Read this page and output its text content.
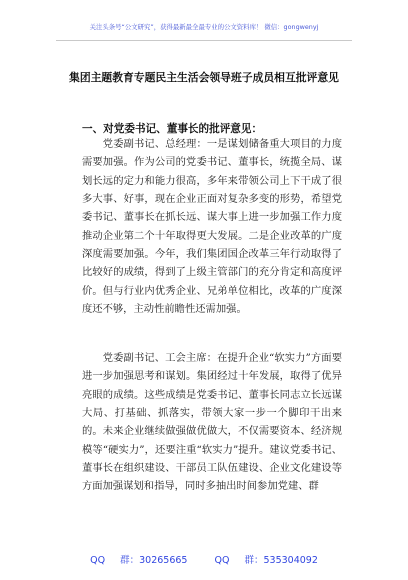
关注头条号“公文研究”，获得最新最全最专业的公文资料库！ 微信：gongwenyj
集团主题教育专题民主生活会领导班子成员相互批评意见
一、对党委书记、董事长的批评意见：

　　党委副书记、总经理：一是谋划储备重大项目的力度需要加强。作为公司的党委书记、董事长，统揽全局、谋划长远的定力和能力很高，多年来带领公司上下干成了很多大事、好事，现在企业正面对复杂多变的形势，希望党委书记、董事长在抓长远、谋大事上进一步加强工作力度推动企业第二个十年取得更大发展。二是企业改革的广度深度需要加强。今年，我们集团国企改革三年行动取得了比较好的成绩，得到了上级主管部门的充分肯定和高度评价。但与行业内优秀企业、兄弟单位相比，改革的广度深度还不够，主动性前瞻性还需加强。

　　党委副书记、工会主席：在提升企业“软实力”方面要进一步加强思考和谋划。集团经过十年发展，取得了优异亮眼的成绩。这些成绩是党委书记、董事长同志立长远谋大局、打基础、抓落实，带领大家一步一个脚印干出来的。未来企业继续做强做优做大，不仅需要资本、经济规模等“硬实力”，还要注重“软实力”提升。建议党委书记、董事长在组织建设、干部员工队伍建设、企业文化建设等方面加强谋划和指导，同时多抽出时间参加党建、群

QQ 群：30265665	QQ 群：535304092
